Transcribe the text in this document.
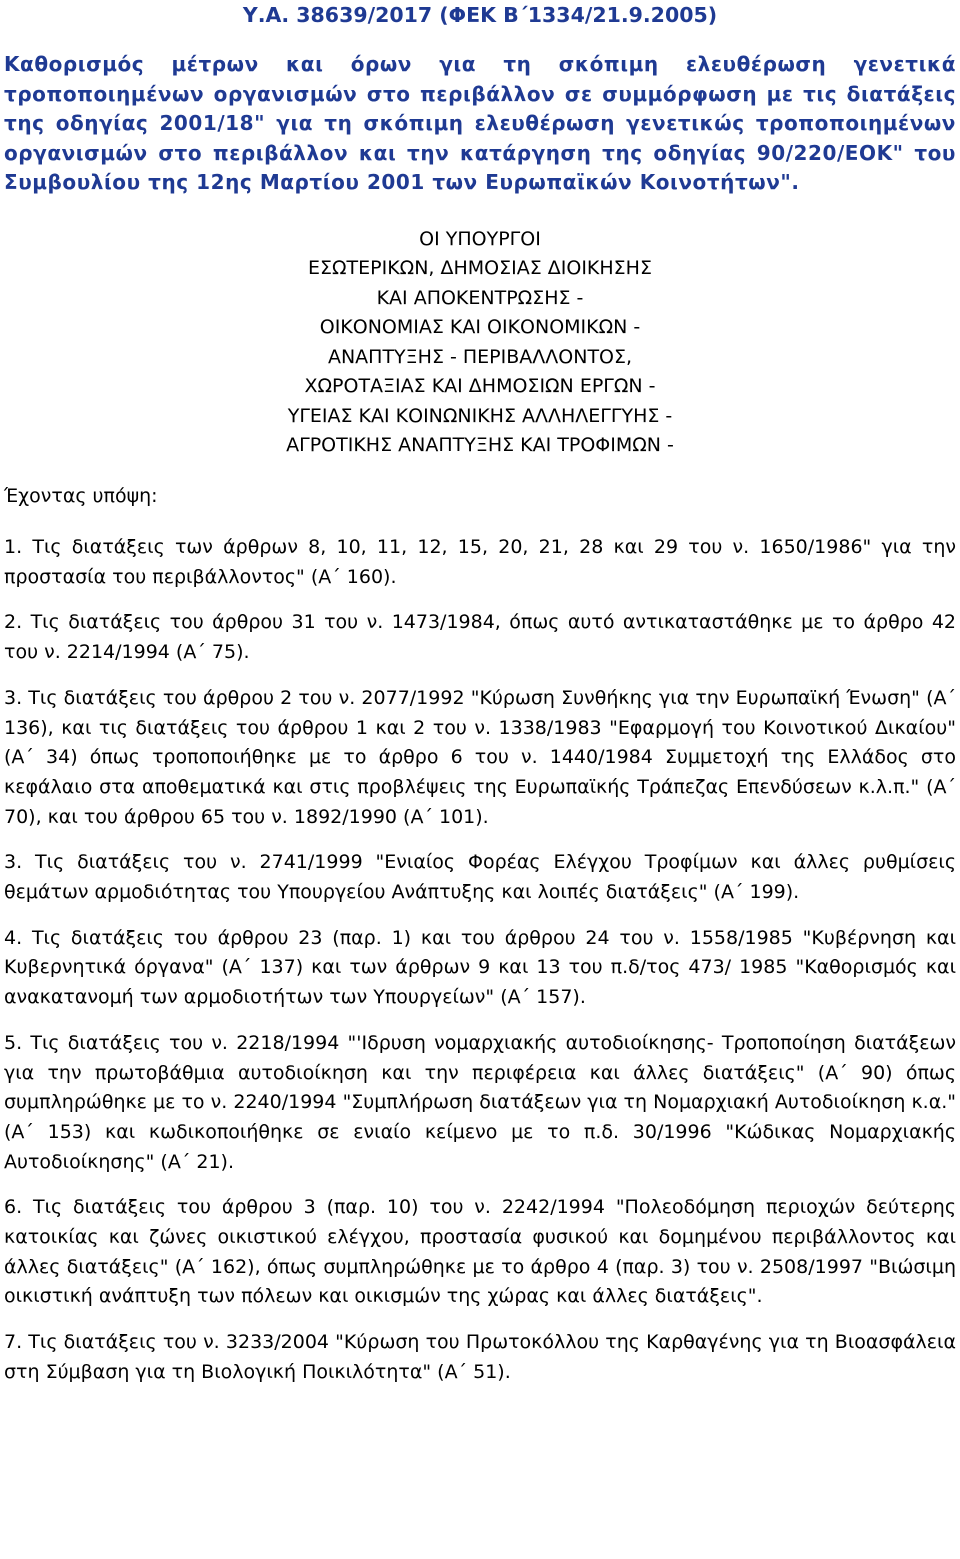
Υ.Α. 38639/2017 (ΦΕΚ Β΄1334/21.9.2005)

Καθορισμός μέτρων και όρων για τη σκόπιμη ελευθέρωση γενετικά τροποποιημένων οργανισμών στο περιβάλλον σε συμμόρφωση με τις διατάξεις της οδηγίας 2001/18" για τη σκόπιμη ελευθέρωση γενετικώς τροποποιημένων οργανισμών στο περιβάλλον και την κατάργηση της οδηγίας 90/220/ΕΟΚ" του Συμβουλίου της 12ης Μαρτίου 2001 των Ευρωπαϊκών Κοινοτήτων".

ΟΙ ΥΠΟΥΡΓΟΙ
ΕΣΩΤΕΡΙΚΩΝ, ΔΗΜΟΣΙΑΣ ΔΙΟΙΚΗΣΗΣ
ΚΑΙ ΑΠΟΚΕΝΤΡΩΣΗΣ -
ΟΙΚΟΝΟΜΙΑΣ ΚΑΙ ΟΙΚΟΝΟΜΙΚΩΝ -
ΑΝΑΠΤΥΞΗΣ - ΠΕΡΙΒΑΛΛΟΝΤΟΣ,
ΧΩΡΟΤΑΞΙΑΣ ΚΑΙ ΔΗΜΟΣΙΩΝ ΕΡΓΩΝ -
ΥΓΕΙΑΣ ΚΑΙ ΚΟΙΝΩΝΙΚΗΣ ΑΛΛΗΛΕΓΓΥΗΣ -
ΑΓΡΟΤΙΚΗΣ ΑΝΑΠΤΥΞΗΣ ΚΑΙ ΤΡΟΦΙΜΩΝ -

Έχοντας υπόψη:

1. Τις διατάξεις των άρθρων 8, 10, 11, 12, 15, 20, 21, 28 και 29 του ν. 1650/1986" για την προστασία του περιβάλλοντος" (Α΄ 160).

2. Τις διατάξεις του άρθρου 31 του ν. 1473/1984, όπως αυτό αντικαταστάθηκε με το άρθρο 42 του ν. 2214/1994 (Α΄ 75).

3. Τις διατάξεις του άρθρου 2 του ν. 2077/1992 "Κύρωση Συνθήκης για την Ευρωπαϊκή Ένωση" (Α΄ 136), και τις διατάξεις του άρθρου 1 και 2 του ν. 1338/1983 "Εφαρμογή του Κοινοτικού Δικαίου" (Α΄ 34) όπως τροποποιήθηκε με το άρθρο 6 του ν. 1440/1984 Συμμετοχή της Ελλάδος στο κεφάλαιο στα αποθεματικά και στις προβλέψεις της Ευρωπαϊκής Τράπεζας Επενδύσεων κ.λ.π." (Α΄ 70), και του άρθρου 65 του ν. 1892/1990 (Α΄ 101).

3. Τις διατάξεις του ν. 2741/1999 "Ενιαίος Φορέας Ελέγχου Τροφίμων και άλλες ρυθμίσεις θεμάτων αρμοδιότητας του Υπουργείου Ανάπτυξης και λοιπές διατάξεις" (Α΄ 199).

4. Τις διατάξεις του άρθρου 23 (παρ. 1) και του άρθρου 24 του ν. 1558/1985 "Κυβέρνηση και Κυβερνητικά όργανα" (Α΄ 137) και των άρθρων 9 και 13 του π.δ/τος 473/ 1985 "Καθορισμός και ανακατανομή των αρμοδιοτήτων των Υπουργείων" (Α΄ 157).

5. Τις διατάξεις του ν. 2218/1994 "'Ιδρυση νομαρχιακής αυτοδιοίκησης- Τροποποίηση διατάξεων για την πρωτοβάθμια αυτοδιοίκηση και την περιφέρεια και άλλες διατάξεις" (Α΄ 90) όπως συμπληρώθηκε με το ν. 2240/1994 "Συμπλήρωση διατάξεων για τη Νομαρχιακή Αυτοδιοίκηση κ.α." (Α΄ 153) και κωδικοποιήθηκε σε ενιαίο κείμενο με το π.δ. 30/1996 "Κώδικας Νομαρχιακής Αυτοδιοίκησης" (Α΄ 21).

6. Τις διατάξεις του άρθρου 3 (παρ. 10) του ν. 2242/1994 "Πολεοδόμηση περιοχών δεύτερης κατοικίας και ζώνες οικιστικού ελέγχου, προστασία φυσικού και δομημένου περιβάλλοντος και άλλες διατάξεις" (Α΄ 162), όπως συμπληρώθηκε με το άρθρο 4 (παρ. 3) του ν. 2508/1997 "Βιώσιμη οικιστική ανάπτυξη των πόλεων και οικισμών της χώρας και άλλες διατάξεις".

7. Τις διατάξεις του ν. 3233/2004 "Κύρωση του Πρωτοκόλλου της Καρθαγένης για τη Βιοασφάλεια στη Σύμβαση για τη Βιολογική Ποικιλότητα" (Α΄ 51).
